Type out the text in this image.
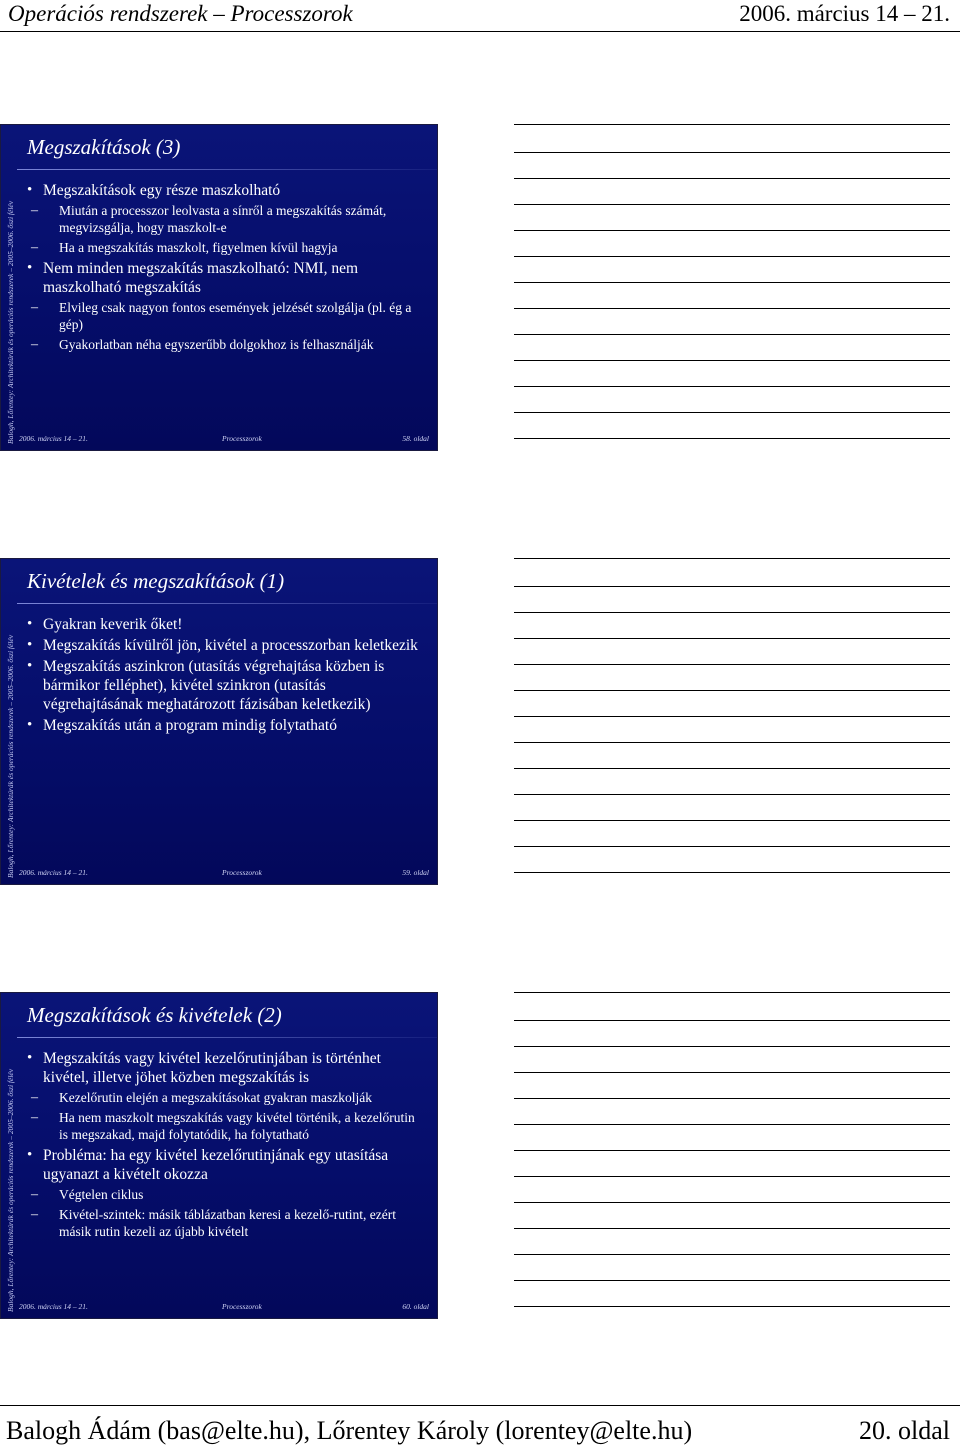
Operációs rendszerek – Processzorok	2006. március 14 – 21.
Balogh, Lőrentey: Architektúrák és operációs rendszerek – 2005–2006. őszi félév
Megszakítások (3)
• Megszakítások egy része maszkolható
– Miután a processzor leolvasta a sínről a megszakítás számát, megvizsgálja, hogy maszkolt-e
– Ha a megszakítás maszkolt, figyelmen kívül hagyja
• Nem minden megszakítás maszkolható: NMI, nem maszkolható megszakítás
– Elvileg csak nagyon fontos események jelzését szolgálja (pl. ég a gép)
– Gyakorlatban néha egyszerűbb dolgokhoz is felhasználják
2006. március 14 – 21.	Processzorok	58. oldal
Balogh, Lőrentey: Architektúrák és operációs rendszerek – 2005–2006. őszi félév
Kivételek és megszakítások (1)
• Gyakran keverik őket!
• Megszakítás kívülről jön, kivétel a processzorban keletkezik
• Megszakítás aszinkron (utasítás végrehajtása közben is bármikor felléphet), kivétel szinkron (utasítás végrehajtásának meghatározott fázisában keletkezik)
• Megszakítás után a program mindig folytatható
2006. március 14 – 21.	Processzorok	59. oldal
Balogh, Lőrentey: Architektúrák és operációs rendszerek – 2005–2006. őszi félév
Megszakítások és kivételek (2)
• Megszakítás vagy kivétel kezelőrutinjában is történhet kivétel, illetve jöhet közben megszakítás is
– Kezelőrutin elején a megszakításokat gyakran maszkolják
– Ha nem maszkolt megszakítás vagy kivétel történik, a kezelőrutin is megszakad, majd folytatódik, ha folytatható
• Probléma: ha egy kivétel kezelőrutinjának egy utasítása ugyanazt a kivételt okozza
– Végtelen ciklus
– Kivétel-szintek: másik táblázatban keresi a kezelő-rutint, ezért másik rutin kezeli az újabb kivételt
2006. március 14 – 21.	Processzorok	60. oldal
Balogh Ádám (bas@elte.hu), Lőrentey Károly (lorentey@elte.hu)	20. oldal
